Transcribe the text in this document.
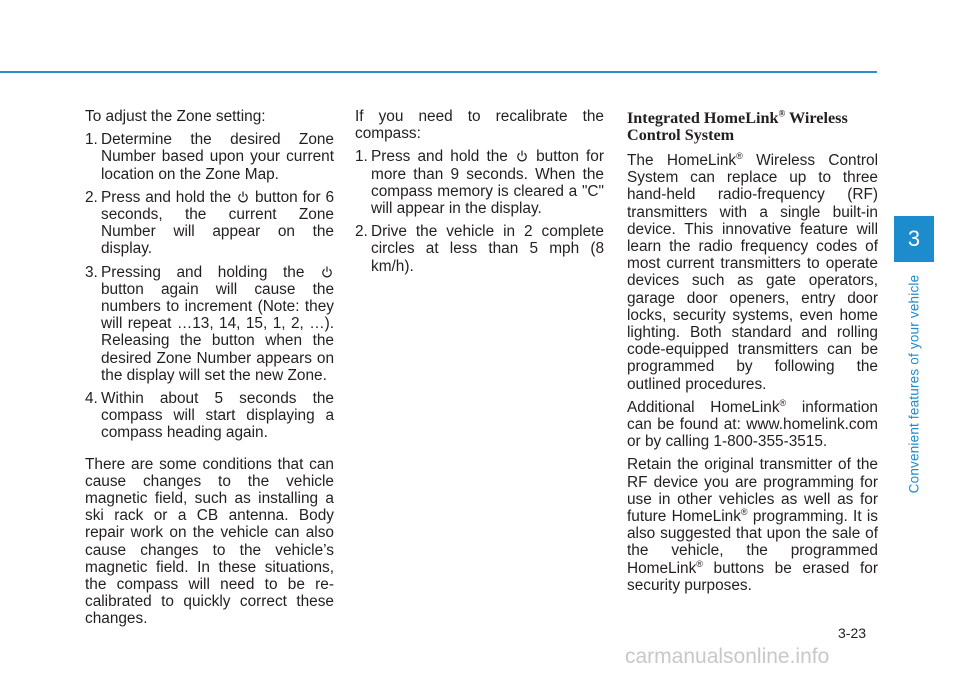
3
Convenient features of your vehicle

To adjust the Zone setting:

1. Determine the desired Zone Number based upon your current location on the Zone Map.
2. Press and hold the button for 6 seconds, the current Zone Number will appear on the display.
3. Pressing and holding the
button again will cause the numbers to increment (Note: they will repeat …13, 14, 15, 1, 2, …). Releasing the button when the desired Zone Number appears on the display will set the new Zone.
4. Within about 5 seconds the compass will start displaying a compass heading again.

There are some conditions that can cause changes to the vehicle magnetic field, such as installing a ski rack or a CB antenna. Body repair work on the vehicle can also cause changes to the vehicle’s magnetic field. In these situations, the compass will need to be re-calibrated to quickly correct these changes.

If you need to recalibrate the compass:

1. Press and hold the button for more than 9 seconds. When the compass memory is cleared a "C" will appear in the display.
2. Drive the vehicle in 2 complete circles at less than 5 mph (8 km/h).
Integrated HomeLink® Wireless Control System

The HomeLink® Wireless Control System can replace up to three hand-held radio-frequency (RF) transmitters with a single built-in device. This innovative feature will learn the radio frequency codes of most current transmitters to operate devices such as gate operators, garage door openers, entry door locks, security systems, even home lighting. Both standard and rolling code-equipped transmitters can be programmed by following the outlined procedures.

Additional HomeLink® information can be found at: www.homelink.com or by calling 1-800-355-3515.

Retain the original transmitter of the RF device you are programming for use in other vehicles as well as for future HomeLink® programming. It is also suggested that upon the sale of the vehicle, the programmed HomeLink® buttons be erased for security purposes.

3-23
carmanualsonline.info
